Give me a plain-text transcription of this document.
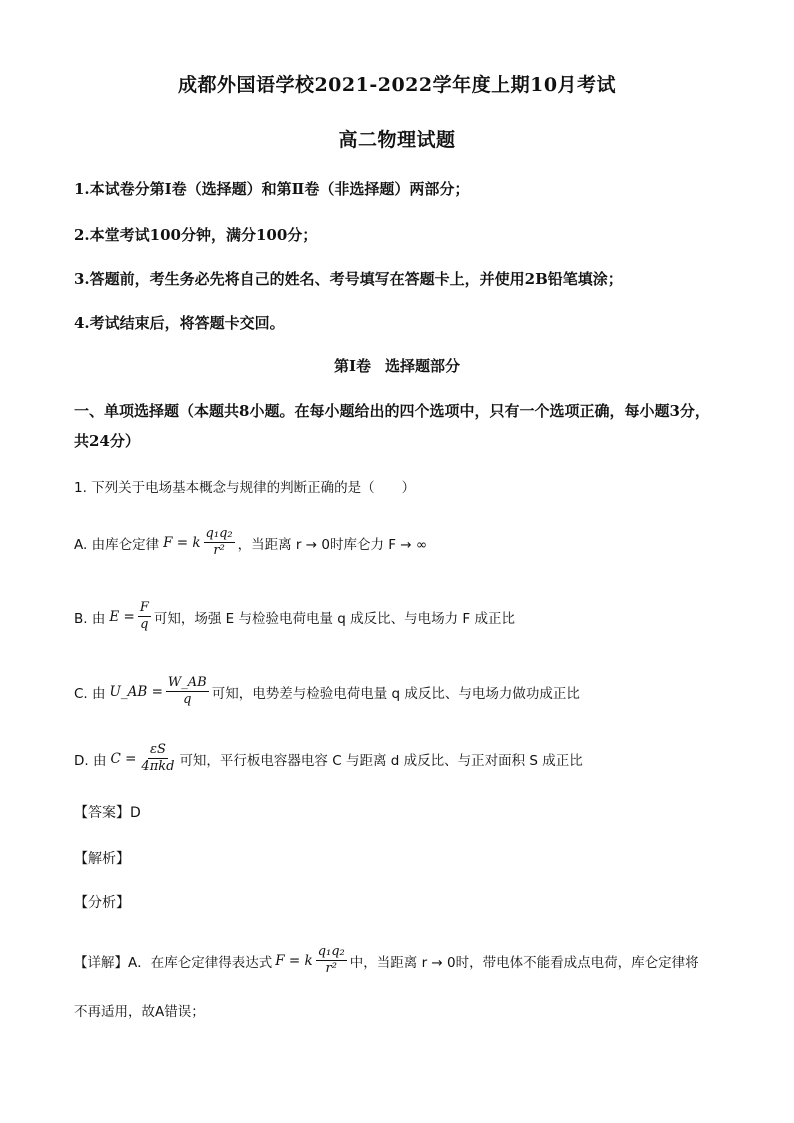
成都外国语学校2021-2022学年度上期10月考试
高二物理试题
1.本试卷分第Ⅰ卷（选择题）和第Ⅱ卷（非选择题）两部分；
2.本堂考试100分钟，满分100分；
3.答题前，考生务必先将自己的姓名、考号填写在答题卡上，并使用2B铅笔填涂；
4.考试结束后，将答题卡交回。
第Ⅰ卷 选择题部分
一、单项选择题（本题共8小题。在每小题给出的四个选项中，只有一个选项正确，每小题3分，共24分）
1. 下列关于电场基本概念与规律的判断正确的是（　　）
A. 由库仑定律 F = k $\frac{\text{q₁q₂}}{\text{r²}}$ ，当距离 r → 0时库仑力 F → ∞
B. 由 $E = \frac{F}{q}$ 可知，场强 E 与检验电荷电量 q 成反比、与电场力 F 成正比
C. 由 U_AB = $\frac{W\_AB}{q}$ 可知，电势差与检验电荷电量 q 成反比、与电场力做功成正比
D. 由 $C = \frac{\varepsilon S}{\text{4πkd}}$ 可知，平行板电容器电容 C 与距离 d 成反比、与正对面积 S 成正比
【答案】D
【解析】
【分析】
【详解】 A．在库仑定律得表达式 F = k $\frac{\text{q₁q₂}}{\text{r²}}$ 中，当距离 r → 0时，带电体不能看成点电荷，库仑定律将
不再适用，故A错误；
